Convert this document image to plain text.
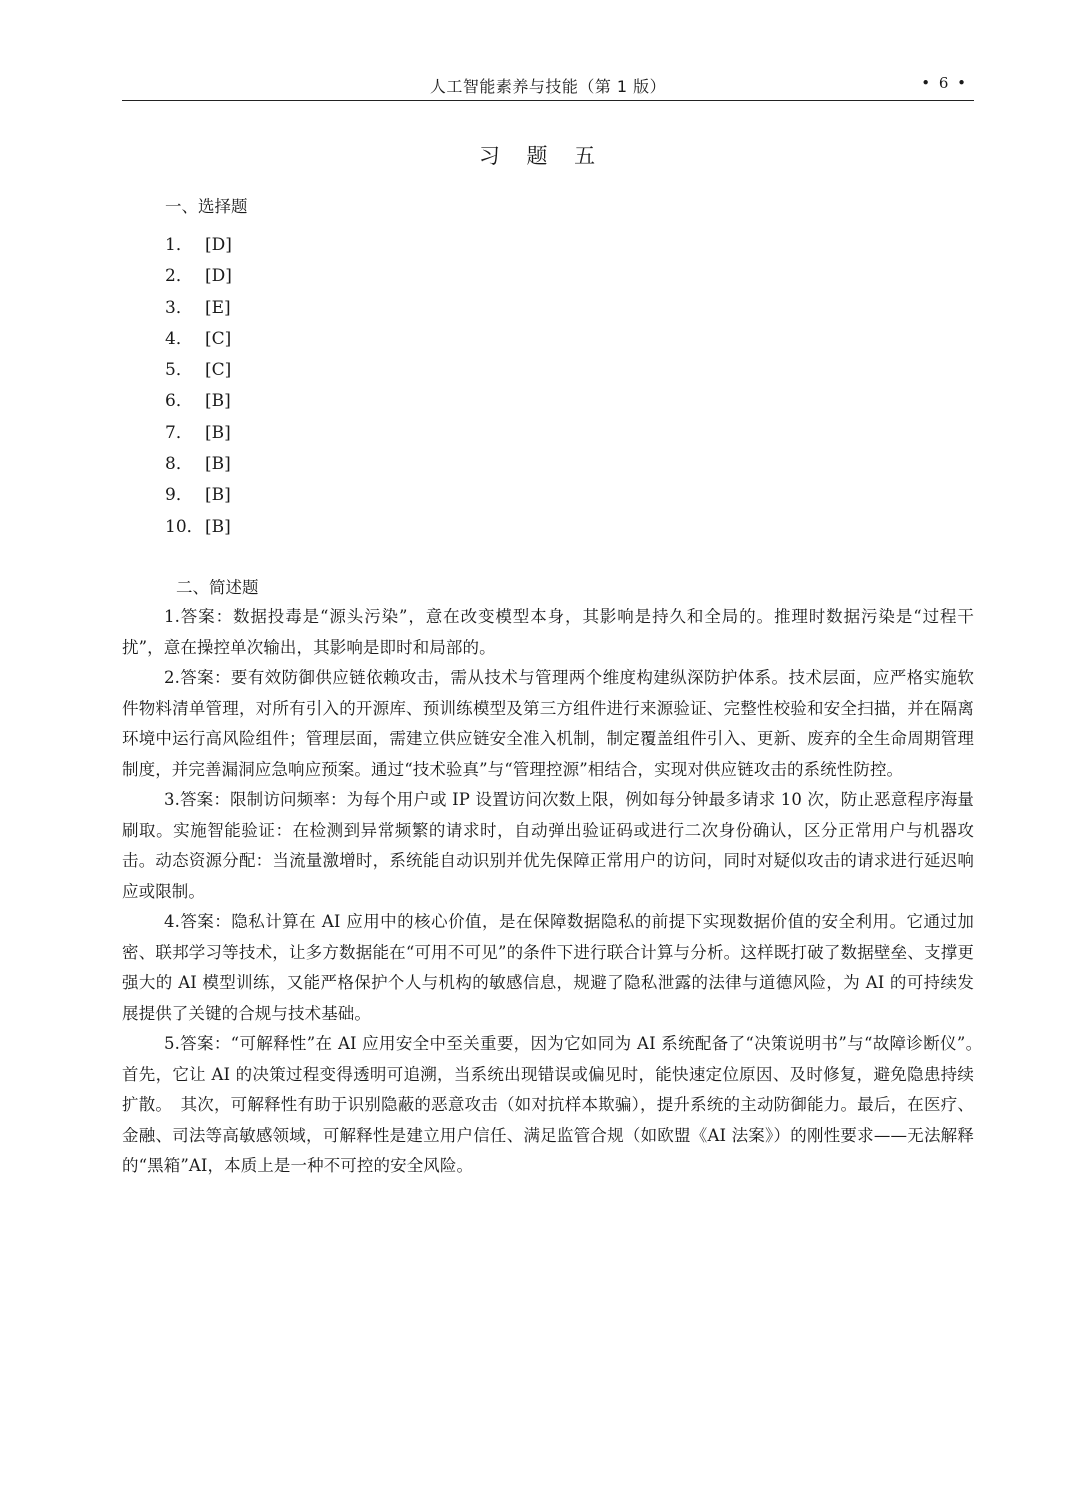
人工智能素养与技能（第 1 版）	• 6 •
习 题 五
一、选择题
1． [D]
2． [D]
3． [E]
4． [C]
5． [C]
6． [B]
7． [B]
8． [B]
9． [B]
10．[B]
二、简述题

1.答案：数据投毒是“源头污染”，意在改变模型本身，其影响是持久和全局的。推理时数据污染是“过程干扰”，意在操控单次输出，其影响是即时和局部的。

2.答案：要有效防御供应链依赖攻击，需从技术与管理两个维度构建纵深防护体系。技术层面，应严格实施软件物料清单管理，对所有引入的开源库、预训练模型及第三方组件进行来源验证、完整性校验和安全扫描，并在隔离环境中运行高风险组件；管理层面，需建立供应链安全准入机制，制定覆盖组件引入、更新、废弃的全生命周期管理制度，并完善漏洞应急响应预案。通过“技术验真”与“管理控源”相结合，实现对供应链攻击的系统性防控。

3.答案：限制访问频率：为每个用户或 IP 设置访问次数上限，例如每分钟最多请求 10 次，防止恶意程序海量刷取。实施智能验证：在检测到异常频繁的请求时，自动弹出验证码或进行二次身份确认，区分正常用户与机器攻击。动态资源分配：当流量激增时，系统能自动识别并优先保障正常用户的访问，同时对疑似攻击的请求进行延迟响应或限制。

4.答案：隐私计算在 AI 应用中的核心价值，是在保障数据隐私的前提下实现数据价值的安全利用。它通过加密、联邦学习等技术，让多方数据能在“可用不可见”的条件下进行联合计算与分析。这样既打破了数据壁垒、支撑更强大的 AI 模型训练，又能严格保护个人与机构的敏感信息，规避了隐私泄露的法律与道德风险，为 AI 的可持续发展提供了关键的合规与技术基础。

5.答案：“可解释性”在 AI 应用安全中至关重要，因为它如同为 AI 系统配备了“决策说明书”与“故障诊断仪”。　首先，它让 AI 的决策过程变得透明可追溯，当系统出现错误或偏见时，能快速定位原因、及时修复，避免隐患持续扩散。　其次，可解释性有助于识别隐蔽的恶意攻击（如对抗样本欺骗），提升系统的主动防御能力。最后，在医疗、金融、司法等高敏感领域，可解释性是建立用户信任、满足监管合规（如欧盟《AI 法案》）的刚性要求——无法解释的“黑箱”AI，本质上是一种不可控的安全风险。
